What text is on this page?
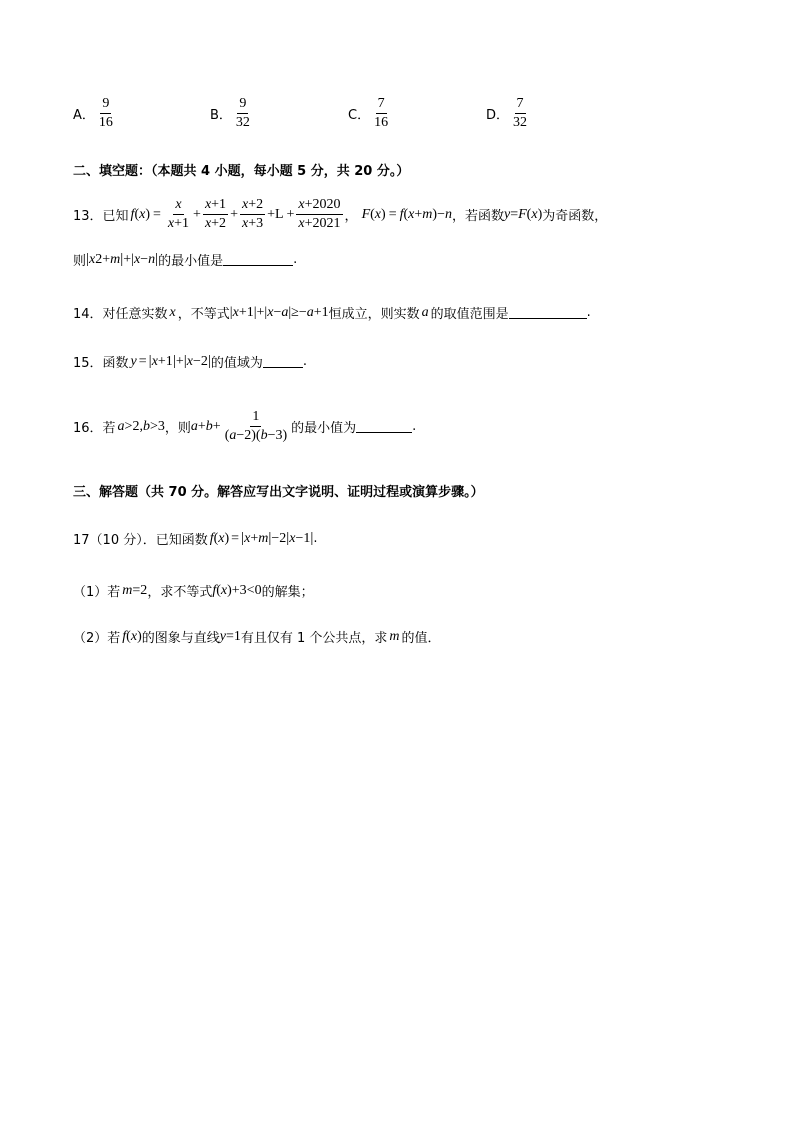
A． $\frac{9}{16}$	B． $\frac{9}{32}$	C． $\frac{7}{16}$	D． $\frac{7}{32}$
二、填空题：（本题共 4 小题，每小题 5 分，共 20 分。）
13．已知 f ( x ) = $\frac{x}{x+1} + \frac{x+1}{x+2} + \frac{x+2}{x+3} +L + \frac{x+2020}{x+2021}$ ， F ( x ) = f ( x + m )− n ，若函数 y = F ( x ) 为奇函数，
则 | x 2 + m | +| x − n | 的最小值是	.
14．对任意实数 x ，不等式 | x +1|+| x − a |≥− a +1 恒成立，则实数 a 的取值范围是	.
15．函数 y = | x +1 | + | x −2 | 的值域为	.
16．若 a >2, b >3 ，则 $a + b + \frac{1}{(a-2)(b-3)}$ 的最小值为	.
三、解答题（共 70 分。解答应写出文字说明、证明过程或演算步骤。）
17（10 分）．已知函数 f ( x ) = | x + m | −2 | x −1 | .
（1）若 m =2 ，求不等式 f ( x )+3<0 的解集；
（2）若 f ( x ) 的图象与直线 y =1 有且仅有 1 个公共点，求 m 的值．
